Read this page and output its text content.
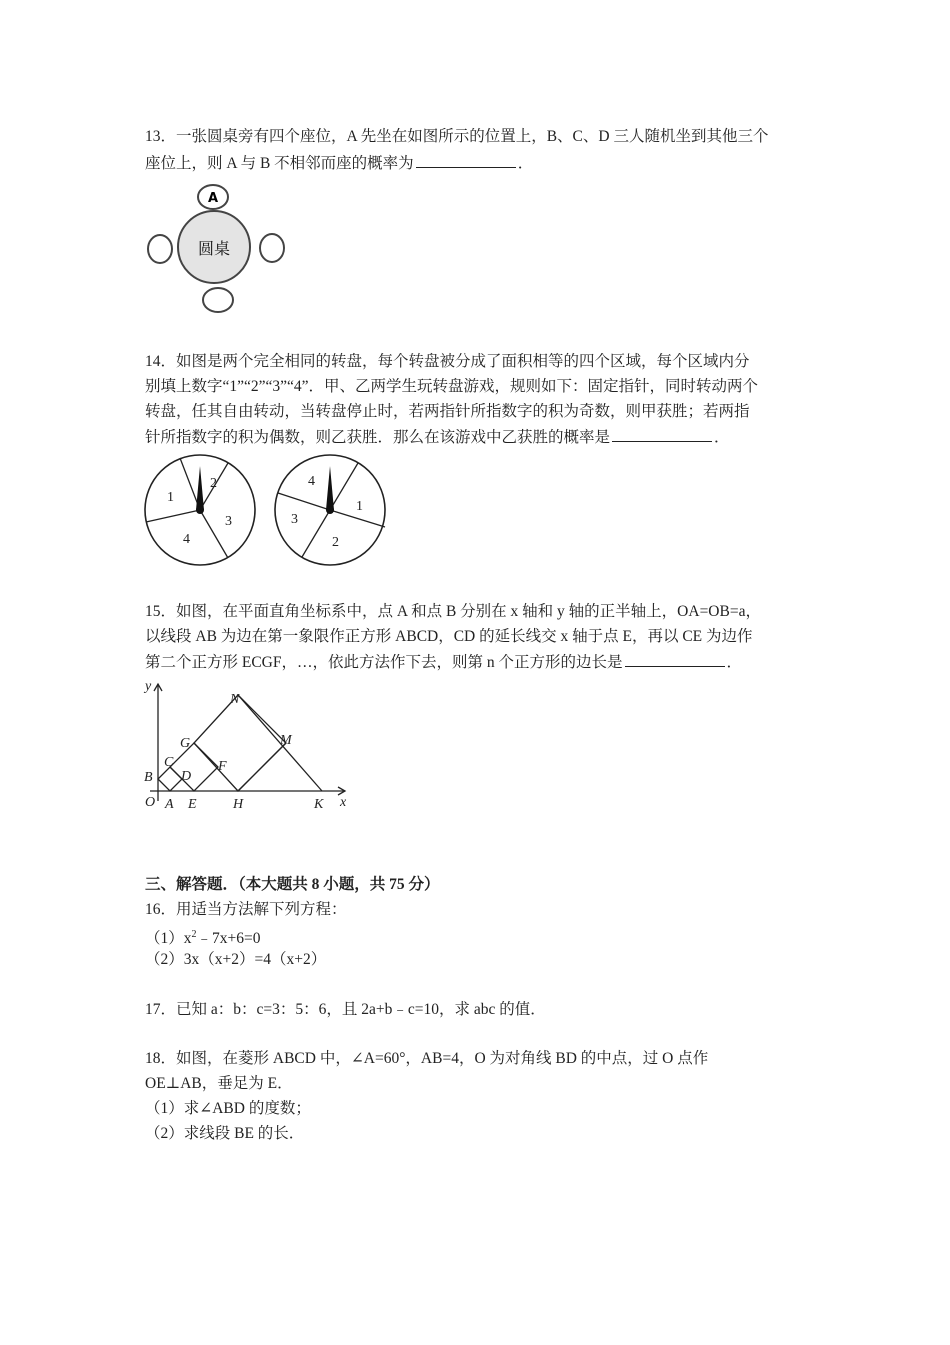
13．一张圆桌旁有四个座位，A 先坐在如图所示的位置上，B、C、D 三人随机坐到其他三个
座位上，则 A 与 B 不相邻而座的概率为	．
圆桌
A
14．如图是两个完全相同的转盘，每个转盘被分成了面积相等的四个区域，每个区域内分
别填上数字“1”“2”“3”“4”．甲、乙两学生玩转盘游戏，规则如下：固定指针，同时转动两个
转盘，任其自由转动，当转盘停止时，若两指针所指数字的积为奇数，则甲获胜；若两指
针所指数字的积为偶数，则乙获胜．那么在该游戏中乙获胜的概率是	．
1
2
3
4
4
1
2
3
15．如图，在平面直角坐标系中，点 A 和点 B 分别在 x 轴和 y 轴的正半轴上，OA=OB=a，
以线段 AB 为边在第一象限作正方形 ABCD，CD 的延长线交 x 轴于点 E，再以 CE 为边作
第二个正方形 ECGF，…，依此方法作下去，则第 n 个正方形的边长是	．
y
x
N
M
G
C
D
F
B
O A E	H	K
三、解答题．（本大题共 8 小题，共 75 分）
16．用适当方法解下列方程：
$(1)x^2﹣7x+6=0$
（2）3x（x+2）=4（x+2）
17．已知 a：b：c=3：5：6，且 2a+b﹣c=10，求 abc 的值．
18．如图，在菱形 ABCD 中，∠A=60°，AB=4，O 为对角线 BD 的中点，过 O 点作
OE⊥AB，垂足为 E．
（1）求∠ABD 的度数；
（2）求线段 BE 的长．
